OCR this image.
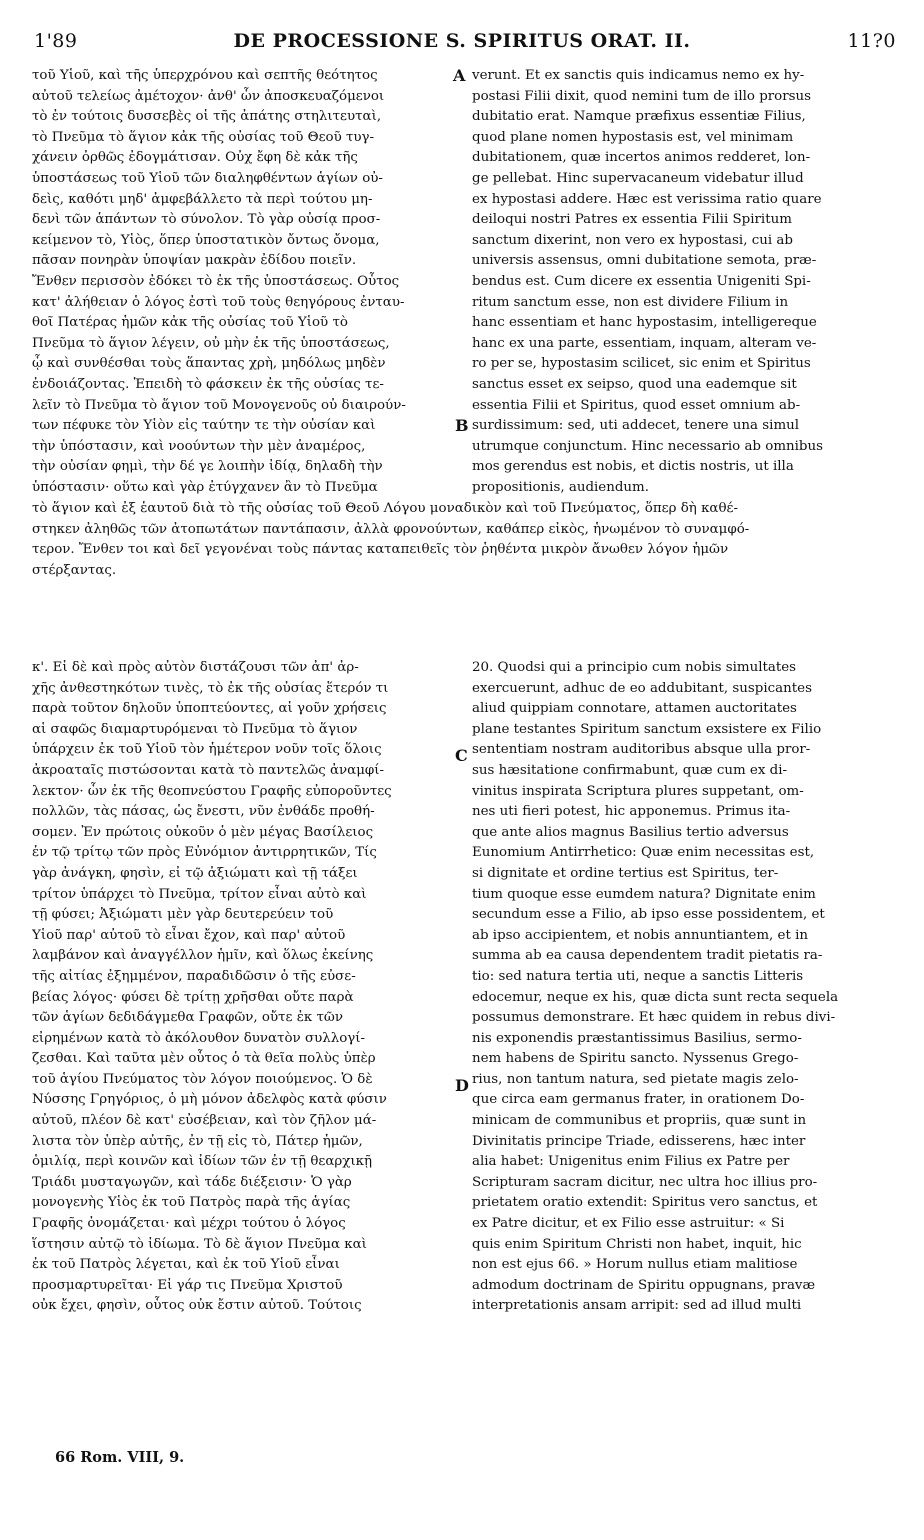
1'89	DE PROCESSIONE S. SPIRITUS ORAT. II.	11?0
τοῦ Υἱοῦ, καὶ τῆς ὑπερχρόνου καὶ σεπτῆς θεότητος
αὐτοῦ τελείως ἀμέτοχον· ἀνθ' ὧν ἀποσκευαζόμενοι
τὸ ἐν τούτοις δυσσεβὲς οἱ τῆς ἀπάτης στηλιτευταὶ,
τὸ Πνεῦμα τὸ ἅγιον κἀκ τῆς οὐσίας τοῦ Θεοῦ τυγ-
χάνειν ὀρθῶς ἐδογμάτισαν. Οὐχ ἔφη δὲ κἀκ τῆς
ὑποστάσεως τοῦ Υἱοῦ τῶν διαληφθέντων ἁγίων οὐ-
δεὶς, καθότι μηδ' ἀμφεβάλλετο τὰ περὶ τούτου μη-
δενὶ τῶν ἁπάντων τὸ σύνολον. Τὸ γὰρ οὐσίᾳ προσ-
κείμενον τὸ, Υἱὸς, ὅπερ ὑποστατικὸν ὄντως ὄνομα,
πᾶσαν πονηρὰν ὑποψίαν μακρὰν ἐδίδου ποιεῖν.
Ἔνθεν περισσὸν ἐδόκει τὸ ἐκ τῆς ὑποστάσεως. Οὗτος
κατ' ἀλήθειαν ὁ λόγος ἐστὶ τοῦ τοὺς θεηγόρους ἐνταυ-
θοῖ Πατέρας ἡμῶν κἀκ τῆς οὐσίας τοῦ Υἱοῦ τὸ
Πνεῦμα τὸ ἅγιον λέγειν, οὐ μὴν ἐκ τῆς ὑποστάσεως,
ᾧ καὶ συνθέσθαι τοὺς ἅπαντας χρὴ, μηδόλως μηδὲν
ἐνδοιάζοντας. Ἐπειδὴ τὸ φάσκειν ἐκ τῆς οὐσίας τε-
λεῖν τὸ Πνεῦμα τὸ ἅγιον τοῦ Μονογενοῦς οὐ διαιρούν-
των πέφυκε τὸν Υἱὸν εἰς ταύτην τε τὴν οὐσίαν καὶ
τὴν ὑπόστασιν, καὶ νοούντων τὴν μὲν ἀναμέρος,
τὴν οὐσίαν φημὶ, τὴν δέ γε λοιπὴν ἰδίᾳ, δηλαδὴ τὴν
ὑπόστασιν· οὕτω καὶ γὰρ ἐτύγχανεν ἂν τὸ Πνεῦμα
verunt. Et ex sanctis quis indicamus nemo ex hy-
postasi Filii dixit, quod nemini tum de illo prorsus
dubitatio erat. Namque præfixus essentiæ Filius,
quod plane nomen hypostasis est, vel minimam
dubitationem, quæ incertos animos redderet, lon-
ge pellebat. Hinc supervacaneum videbatur illud
ex hypostasi addere. Hæc est verissima ratio quare
deiloqui nostri Patres ex essentia Filii Spiritum
sanctum dixerint, non vero ex hypostasi, cui ab
universis assensus, omni dubitatione semota, præ-
bendus est. Cum dicere ex essentia Unigeniti Spi-
ritum sanctum esse, non est dividere Filium in
hanc essentiam et hanc hypostasim, intelligereque
hanc ex una parte, essentiam, inquam, alteram ve-
ro per se, hypostasim scilicet, sic enim et Spiritus
sanctus esset ex seipso, quod una eademque sit
essentia Filii et Spiritus, quod esset omnium ab-
surdissimum: sed, uti addecet, tenere una simul
utrumque conjunctum. Hinc necessario ab omnibus
mos gerendus est nobis, et dictis nostris, ut illa
propositionis, audiendum.
τὸ ἅγιον καὶ ἐξ ἑαυτοῦ διὰ τὸ τῆς οὐσίας τοῦ Θεοῦ Λόγου μοναδικὸν καὶ τοῦ Πνεύματος, ὅπερ δὴ καθέ-
στηκεν ἀληθῶς τῶν ἀτοπωτάτων παντάπασιν, ἀλλὰ φρονούντων, καθάπερ εἰκὸς, ἡνωμένον τὸ συναμφό-
τερον. Ἔνθεν τοι καὶ δεῖ γεγονέναι τοὺς πάντας καταπειθεῖς τὸν ῥηθέντα μικρὸν ἄνωθεν λόγον ἡμῶν
στέρξαντας.
κ'. Εἰ δὲ καὶ πρὸς αὐτὸν διστάζουσι τῶν ἀπ' ἀρ-
χῆς ἀνθεστηκότων τινὲς, τὸ ἐκ τῆς οὐσίας ἕτερόν τι
παρὰ τοῦτον δηλοῦν ὑποπτεύοντες, αἱ γοῦν χρήσεις
αἱ σαφῶς διαμαρτυρόμεναι τὸ Πνεῦμα τὸ ἅγιον
ὑπάρχειν ἐκ τοῦ Υἱοῦ τὸν ἡμέτερον νοῦν τοῖς ὅλοις
ἀκροαταῖς πιστώσονται κατὰ τὸ παντελῶς ἀναμφί-
λεκτον· ὧν ἐκ τῆς θεοπνεύστου Γραφῆς εὐποροῦντες
πολλῶν, τὰς πάσας, ὡς ἔνεστι, νῦν ἐνθάδε προθή-
σομεν. Ἐν πρώτοις οὐκοῦν ὁ μὲν μέγας Βασίλειος
ἐν τῷ τρίτῳ τῶν πρὸς Εὐνόμιον ἀντιρρητικῶν, Τίς
γὰρ ἀνάγκη, φησὶν, εἰ τῷ ἀξιώματι καὶ τῇ τάξει
τρίτον ὑπάρχει τὸ Πνεῦμα, τρίτον εἶναι αὐτὸ καὶ
τῇ φύσει; Ἀξιώματι μὲν γὰρ δευτερεύειν τοῦ
Υἱοῦ παρ' αὐτοῦ τὸ εἶναι ἔχον, καὶ παρ' αὐτοῦ
λαμβάνον καὶ ἀναγγέλλον ἡμῖν, καὶ ὅλως ἐκείνης
τῆς αἰτίας ἐξημμένον, παραδιδῶσιν ὁ τῆς εὐσε-
βείας λόγος· φύσει δὲ τρίτῃ χρῆσθαι οὔτε παρὰ
τῶν ἁγίων δεδιδάγμεθα Γραφῶν, οὔτε ἐκ τῶν
εἰρημένων κατὰ τὸ ἀκόλουθον δυνατὸν συλλογί-
ζεσθαι. Καὶ ταῦτα μὲν οὗτος ὁ τὰ θεῖα πολὺς ὑπὲρ
τοῦ ἁγίου Πνεύματος τὸν λόγον ποιούμενος. Ὁ δὲ
Νύσσης Γρηγόριος, ὁ μὴ μόνον ἀδελφὸς κατὰ φύσιν
αὐτοῦ, πλέον δὲ κατ' εὐσέβειαν, καὶ τὸν ζῆλον μά-
λιστα τὸν ὑπὲρ αὐτῆς, ἐν τῇ εἰς τὸ, Πάτερ ἡμῶν,
ὁμιλίᾳ, περὶ κοινῶν καὶ ἰδίων τῶν ἐν τῇ θεαρχικῇ
Τριάδι μυσταγωγῶν, καὶ τάδε διέξεισιν· Ὁ γὰρ
μονογενὴς Υἱὸς ἐκ τοῦ Πατρὸς παρὰ τῆς ἁγίας
Γραφῆς ὀνομάζεται· καὶ μέχρι τούτου ὁ λόγος
ἵστησιν αὐτῷ τὸ ἰδίωμα. Τὸ δὲ ἅγιον Πνεῦμα καὶ
ἐκ τοῦ Πατρὸς λέγεται, καὶ ἐκ τοῦ Υἱοῦ εἶναι
προσμαρτυρεῖται· Εἰ γάρ τις Πνεῦμα Χριστοῦ
οὐκ ἔχει, φησὶν, οὗτος οὐκ ἔστιν αὐτοῦ. Τούτοις
20. Quodsi qui a principio cum nobis simultates
exercuerunt, adhuc de eo addubitant, suspicantes
aliud quippiam connotare, attamen auctoritates
plane testantes Spiritum sanctum exsistere ex Filio
sententiam nostram auditoribus absque ulla pror-
sus hæsitatione confirmabunt, quæ cum ex di-
vinitus inspirata Scriptura plures suppetant, om-
nes uti fieri potest, hic apponemus. Primus ita-
que ante alios magnus Basilius tertio adversus
Eunomium Antirrhetico: Quæ enim necessitas est,
si dignitate et ordine tertius est Spiritus, ter-
tium quoque esse eumdem natura? Dignitate enim
secundum esse a Filio, ab ipso esse possidentem, et
ab ipso accipientem, et nobis annuntiantem, et in
summa ab ea causa dependentem tradit pietatis ra-
tio: sed natura tertia uti, neque a sanctis Litteris
edocemur, neque ex his, quæ dicta sunt recta sequela
possumus demonstrare. Et hæc quidem in rebus divi-
nis exponendis præstantissimus Basilius, sermo-
nem habens de Spiritu sancto. Nyssenus Grego-
rius, non tantum natura, sed pietate magis zelo-
que circa eam germanus frater, in orationem Do-
minicam de communibus et propriis, quæ sunt in
Divinitatis principe Triade, edisserens, hæc inter
alia habet: Unigenitus enim Filius ex Patre per
Scripturam sacram dicitur, nec ultra hoc illius pro-
prietatem oratio extendit: Spiritus vero sanctus, et
ex Patre dicitur, et ex Filio esse astruitur: « Si
quis enim Spiritum Christi non habet, inquit, hic
non est ejus 66. » Horum nullus etiam malitiose
admodum doctrinam de Spiritu oppugnans, pravæ
interpretationis ansam arripit: sed ad illud multi
A
B
C
D
66 Rom. VIII, 9.
